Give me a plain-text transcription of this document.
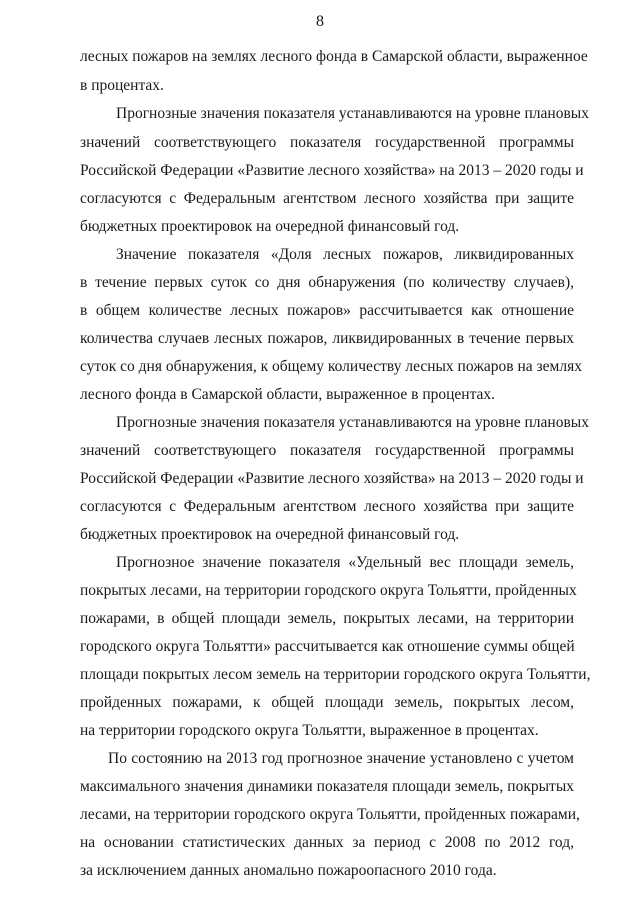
8
лесных пожаров на землях лесного фонда в Самарской области, выраженное
в процентах.
Прогнозные значения показателя устанавливаются на уровне плановых
значений соответствующего показателя государственной программы
Российской Федерации «Развитие лесного хозяйства» на 2013 – 2020 годы и
согласуются с Федеральным агентством лесного хозяйства при защите
бюджетных проектировок на очередной финансовый год.
Значение показателя «Доля лесных пожаров, ликвидированных
в течение первых суток со дня обнаружения (по количеству случаев),
в общем количестве лесных пожаров» рассчитывается как отношение
количества случаев лесных пожаров, ликвидированных в течение первых
суток со дня обнаружения, к общему количеству лесных пожаров на землях
лесного фонда в Самарской области, выраженное в процентах.
Прогнозные значения показателя устанавливаются на уровне плановых
значений соответствующего показателя государственной программы
Российской Федерации «Развитие лесного хозяйства» на 2013 – 2020 годы и
согласуются с Федеральным агентством лесного хозяйства при защите
бюджетных проектировок на очередной финансовый год.
Прогнозное значение показателя «Удельный вес площади земель,
покрытых лесами, на территории городского округа Тольятти, пройденных
пожарами, в общей площади земель, покрытых лесами, на территории
городского округа Тольятти» рассчитывается как отношение суммы общей
площади покрытых лесом земель на территории городского округа Тольятти,
пройденных пожарами, к общей площади земель, покрытых лесом,
на территории городского округа Тольятти, выраженное в процентах.
По состоянию на 2013 год прогнозное значение установлено с учетом
максимального значения динамики показателя площади земель, покрытых
лесами, на территории городского округа Тольятти, пройденных пожарами,
на основании статистических данных за период с 2008 по 2012 год,
за исключением данных аномально пожароопасного 2010 года.
